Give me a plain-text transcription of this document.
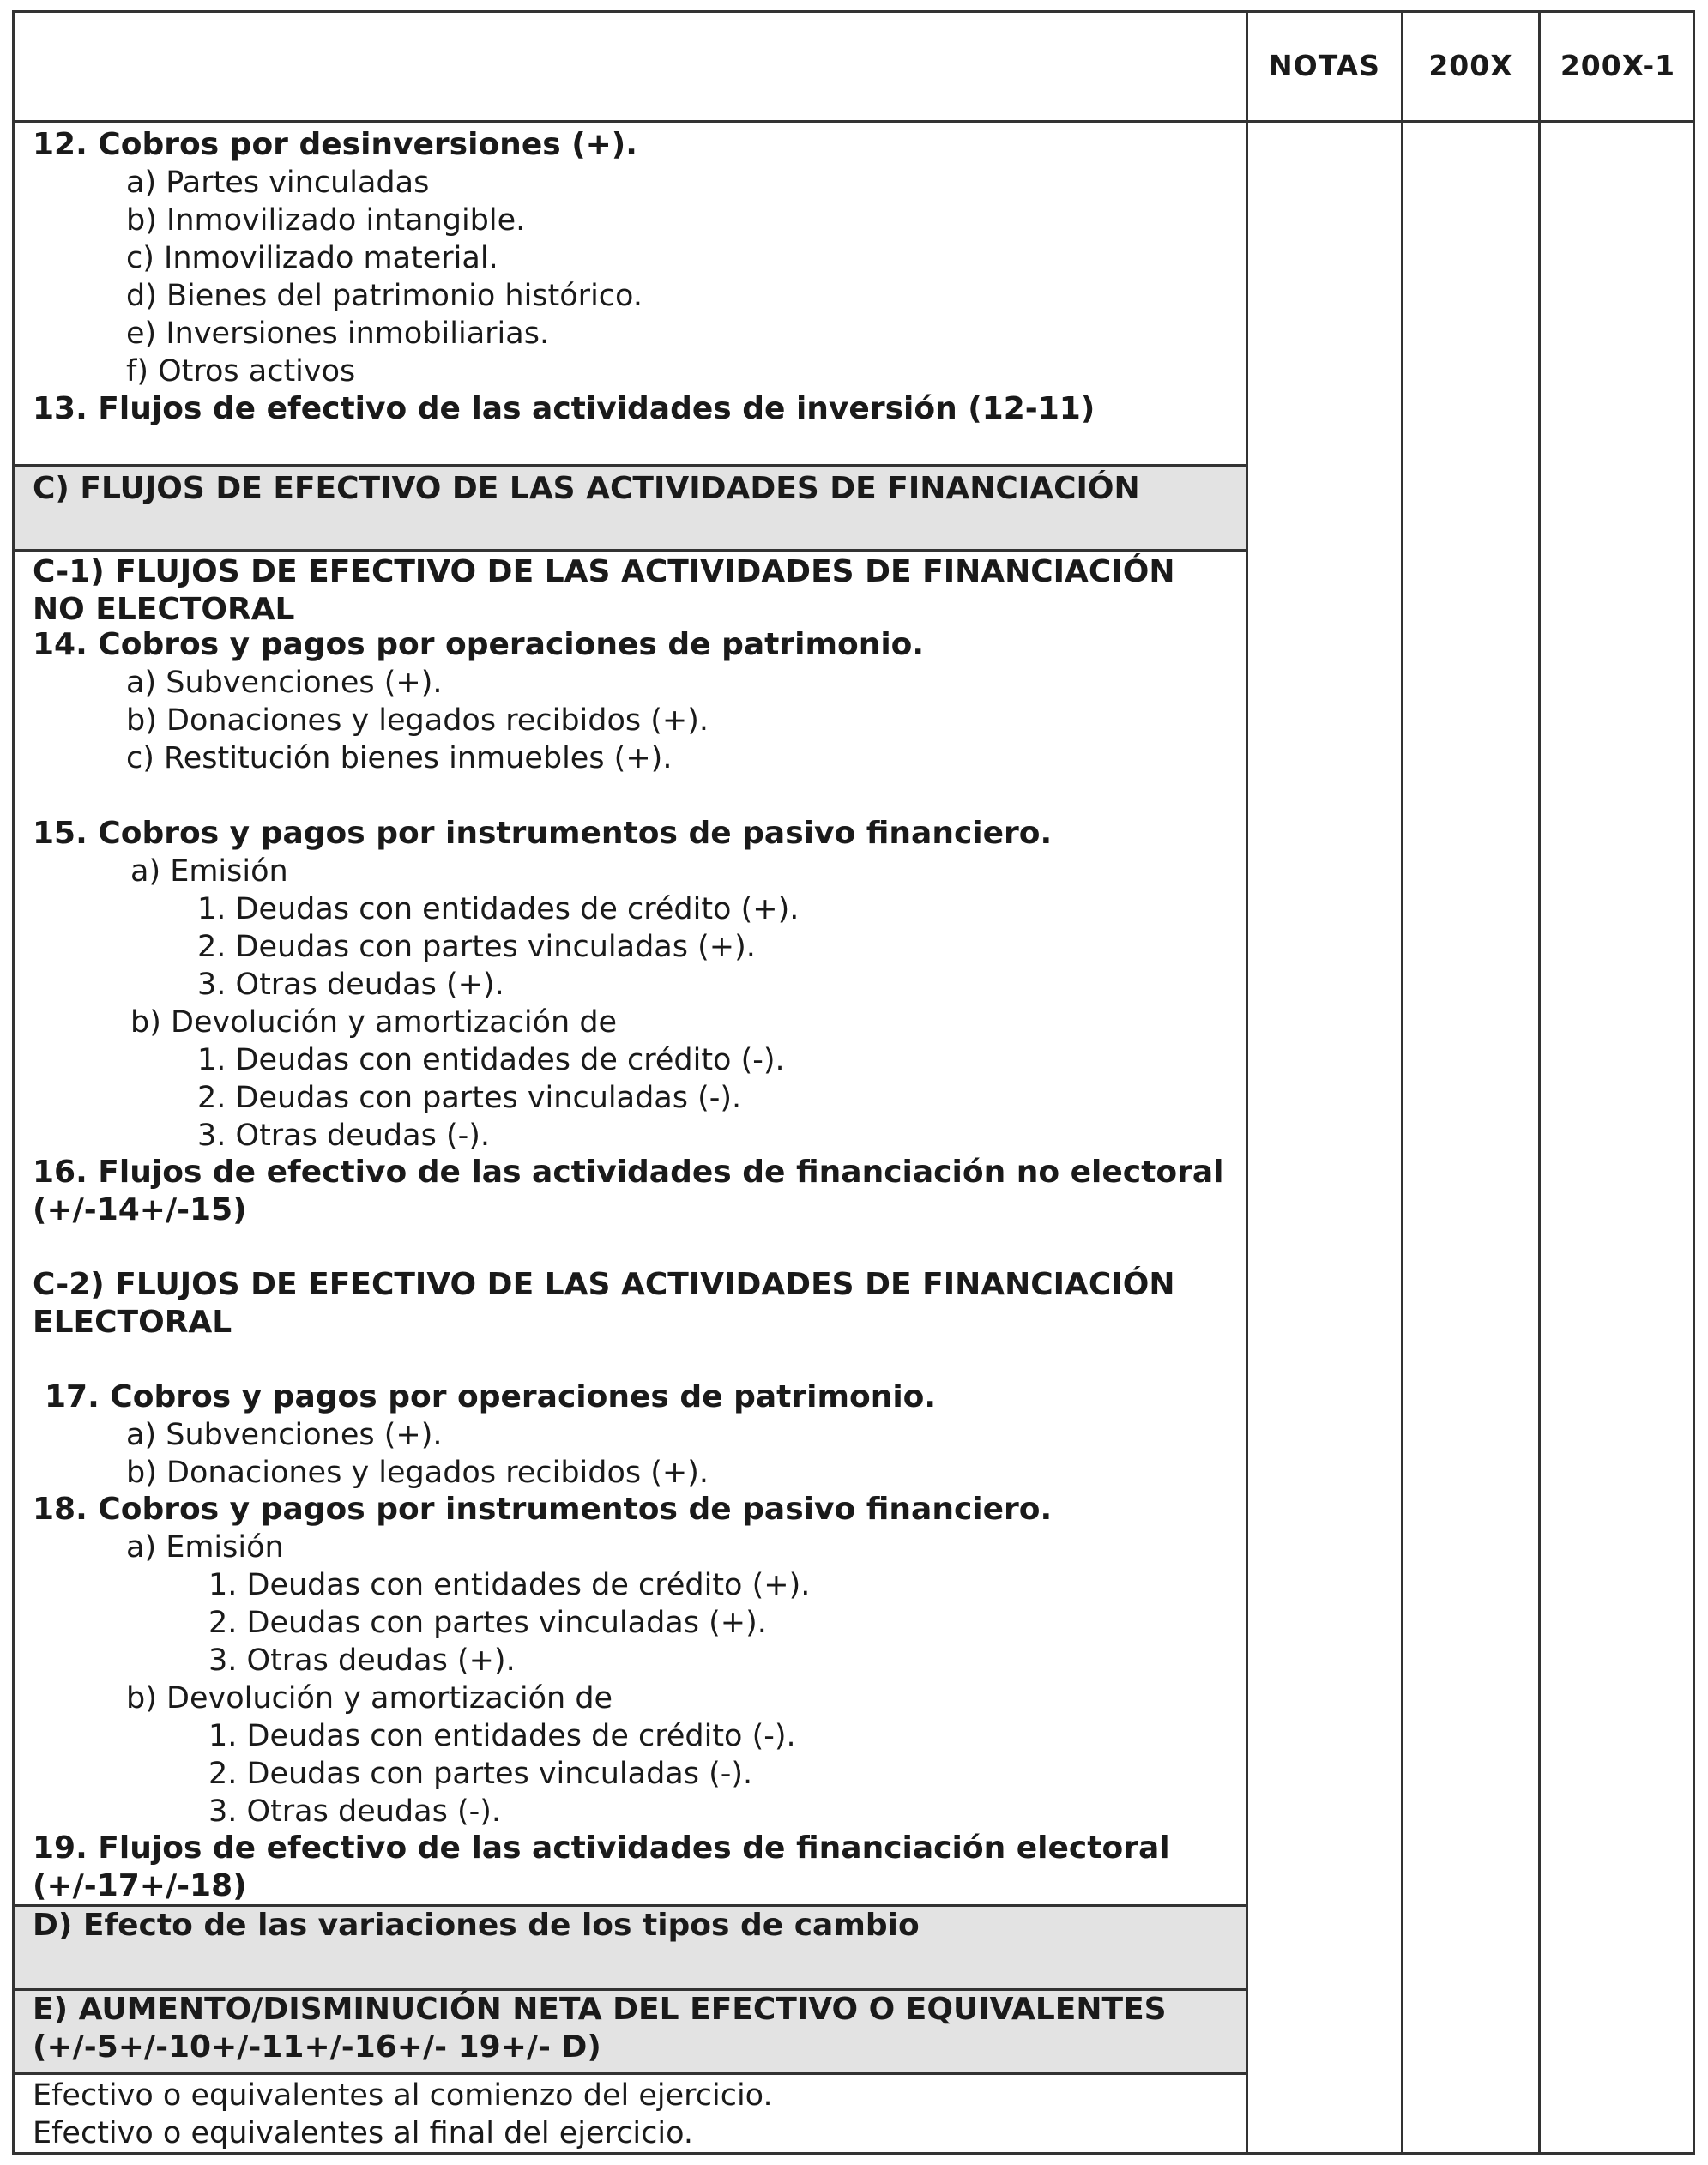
NOTAS	200X	200X-1
12. Cobros por desinversiones (+).
a) Partes vinculadas
b) Inmovilizado intangible.
c) Inmovilizado material.
d) Bienes del patrimonio histórico.
e) Inversiones inmobiliarias.
f) Otros activos
13. Flujos de efectivo de las actividades de inversión (12-11)
C) FLUJOS DE EFECTIVO DE LAS ACTIVIDADES DE FINANCIACIÓN
C-1) FLUJOS DE EFECTIVO DE LAS ACTIVIDADES DE FINANCIACIÓN
NO ELECTORAL
14. Cobros y pagos por operaciones de patrimonio.
a) Subvenciones (+).
b) Donaciones y legados recibidos (+).
c) Restitución bienes inmuebles (+).
15. Cobros y pagos por instrumentos de pasivo financiero.
a) Emisión
1. Deudas con entidades de crédito (+).
2. Deudas con partes vinculadas (+).
3. Otras deudas (+).
b) Devolución y amortización de
1. Deudas con entidades de crédito (-).
2. Deudas con partes vinculadas (-).
3. Otras deudas (-).
16. Flujos de efectivo de las actividades de financiación no electoral
(+/-14+/-15)
C-2) FLUJOS DE EFECTIVO DE LAS ACTIVIDADES DE FINANCIACIÓN
ELECTORAL
17. Cobros y pagos por operaciones de patrimonio.
a) Subvenciones (+).
b) Donaciones y legados recibidos (+).
18. Cobros y pagos por instrumentos de pasivo financiero.
a) Emisión
1. Deudas con entidades de crédito (+).
2. Deudas con partes vinculadas (+).
3. Otras deudas (+).
b) Devolución y amortización de
1. Deudas con entidades de crédito (-).
2. Deudas con partes vinculadas (-).
3. Otras deudas (-).
19. Flujos de efectivo de las actividades de financiación electoral
(+/-17+/-18)
D) Efecto de las variaciones de los tipos de cambio
E) AUMENTO/DISMINUCIÓN NETA DEL EFECTIVO O EQUIVALENTES
(+/-5+/-10+/-11+/-16+/- 19+/- D)
Efectivo o equivalentes al comienzo del ejercicio.
Efectivo o equivalentes al final del ejercicio.
